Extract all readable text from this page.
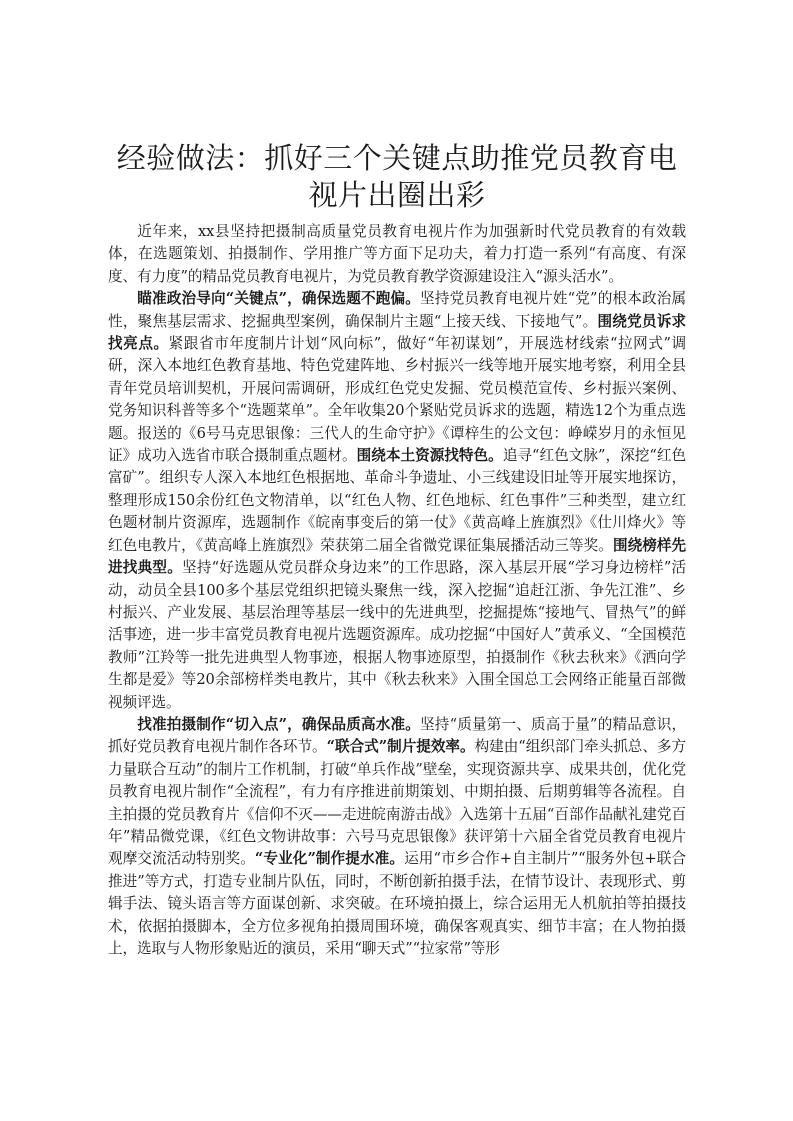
经验做法：抓好三个关键点助推党员教育电视片出圈出彩

近年来，xx县坚持把摄制高质量党员教育电视片作为加强新时代党员教育的有效载体，在选题策划、拍摄制作、学用推广等方面下足功夫，着力打造一系列“有高度、有深度、有力度”的精品党员教育电视片，为党员教育教学资源建设注入“源头活水”。

瞄准政治导向“关键点”，确保选题不跑偏。坚持党员教育电视片姓“党”的根本政治属性，聚焦基层需求、挖掘典型案例，确保制片主题“上接天线、下接地气”。围绕党员诉求找亮点。紧跟省市年度制片计划“风向标”，做好“年初谋划”，开展选材线索“拉网式”调研，深入本地红色教育基地、特色党建阵地、乡村振兴一线等地开展实地考察，利用全县青年党员培训契机，开展问需调研，形成红色党史发掘、党员模范宣传、乡村振兴案例、党务知识科普等多个“选题菜单”。全年收集20个紧贴党员诉求的选题，精选12个为重点选题。报送的《6号马克思银像：三代人的生命守护》《谭梓生的公文包：峥嵘岁月的永恒见证》成功入选省市联合摄制重点题材。围绕本土资源找特色。追寻“红色文脉”，深挖“红色富矿”。组织专人深入本地红色根据地、革命斗争遗址、小三线建设旧址等开展实地探访，整理形成150余份红色文物清单，以“红色人物、红色地标、红色事件”三种类型，建立红色题材制片资源库，选题制作《皖南事变后的第一仗》《黄高峰上旌旗烈》《仕川烽火》等红色电教片，《黄高峰上旌旗烈》荣获第二届全省微党课征集展播活动三等奖。围绕榜样先进找典型。坚持“好选题从党员群众身边来”的工作思路，深入基层开展“学习身边榜样”活动，动员全县100多个基层党组织把镜头聚焦一线，深入挖掘“追赶江浙、争先江淮”、乡村振兴、产业发展、基层治理等基层一线中的先进典型，挖掘提炼“接地气、冒热气”的鲜活事迹，进一步丰富党员教育电视片选题资源库。成功挖掘“中国好人”黄承义、“全国模范教师”江羚等一批先进典型人物事迹，根据人物事迹原型，拍摄制作《秋去秋来》《洒向学生都是爱》等20余部榜样类电教片，其中《秋去秋来》入围全国总工会网络正能量百部微视频评选。

找准拍摄制作“切入点”，确保品质高水准。坚持“质量第一、质高于量”的精品意识，抓好党员教育电视片制作各环节。“联合式”制片提效率。构建由“组织部门牵头抓总、多方力量联合互动”的制片工作机制，打破“单兵作战”壁垒，实现资源共享、成果共创，优化党员教育电视片制作“全流程”，有力有序推进前期策划、中期拍摄、后期剪辑等各流程。自主拍摄的党员教育片《信仰不灭——走进皖南游击战》入选第十五届“百部作品献礼建党百年”精品微党课，《红色文物讲故事：六号马克思银像》获评第十六届全省党员教育电视片观摩交流活动特别奖。“专业化”制作提水准。运用“市乡合作+自主制片”“服务外包+联合推进”等方式，打造专业制片队伍，同时，不断创新拍摄手法，在情节设计、表现形式、剪辑手法、镜头语言等方面谋创新、求突破。在环境拍摄上，综合运用无人机航拍等拍摄技术，依据拍摄脚本，全方位多视角拍摄周围环境，确保客观真实、细节丰富；在人物拍摄上，选取与人物形象贴近的演员，采用“聊天式”“拉家常”等形
